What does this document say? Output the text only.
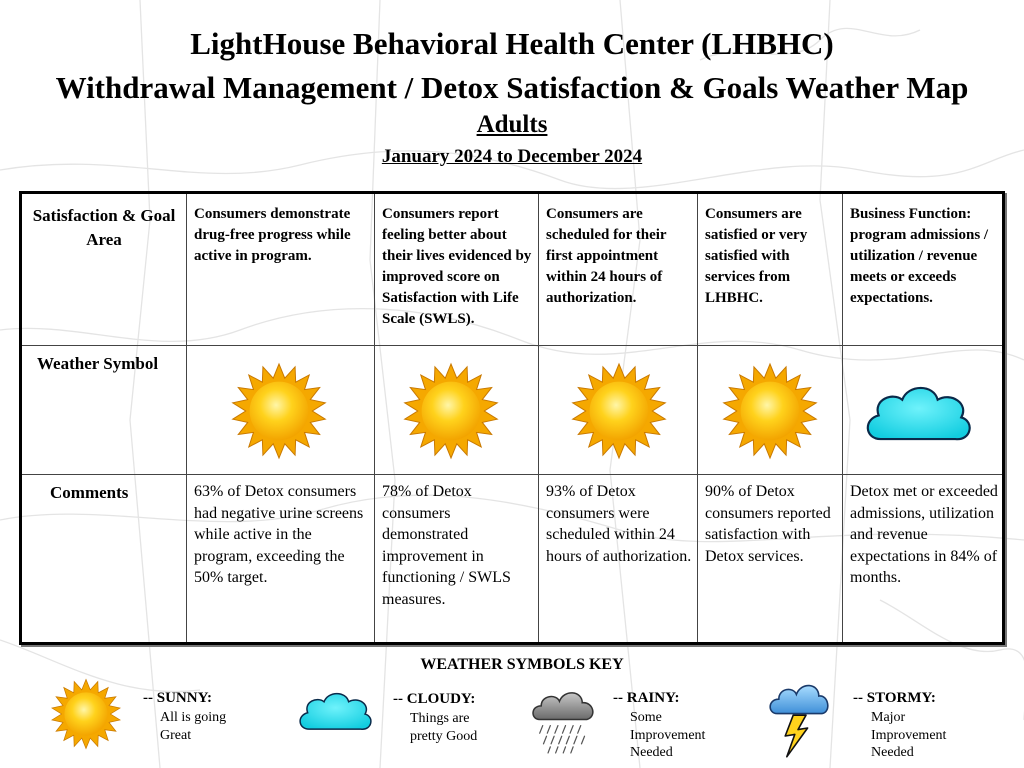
LightHouse Behavioral Health Center (LHBHC)
Withdrawal Management / Detox Satisfaction & Goals Weather Map
Adults
January 2024 to December 2024
Satisfaction & Goal Area
Weather Symbol
Comments
Consumers demonstrate drug-free progress while active in program.
Consumers report feeling better about their lives evidenced by improved score on Satisfaction with Life Scale (SWLS).
Consumers are scheduled for their first appointment within 24 hours of authorization.
Consumers are satisfied or very satisfied with services from LHBHC.
Business Function: program admissions / utilization / revenue meets or exceeds expectations.
63% of Detox consumers had negative urine screens while active in the program, exceeding the 50% target.
78% of Detox consumers demonstrated improvement in functioning / SWLS measures.
93% of Detox consumers were scheduled within 24 hours of authorization.
90% of Detox consumers reported satisfaction with Detox services.
Detox met or exceeded admissions, utilization and revenue expectations in 84% of months.
WEATHER SYMBOLS KEY
-- SUNNY:
All is going
Great
-- CLOUDY:
Things are
pretty Good
-- RAINY:
Some
Improvement
Needed
-- STORMY:
Major
Improvement
Needed
